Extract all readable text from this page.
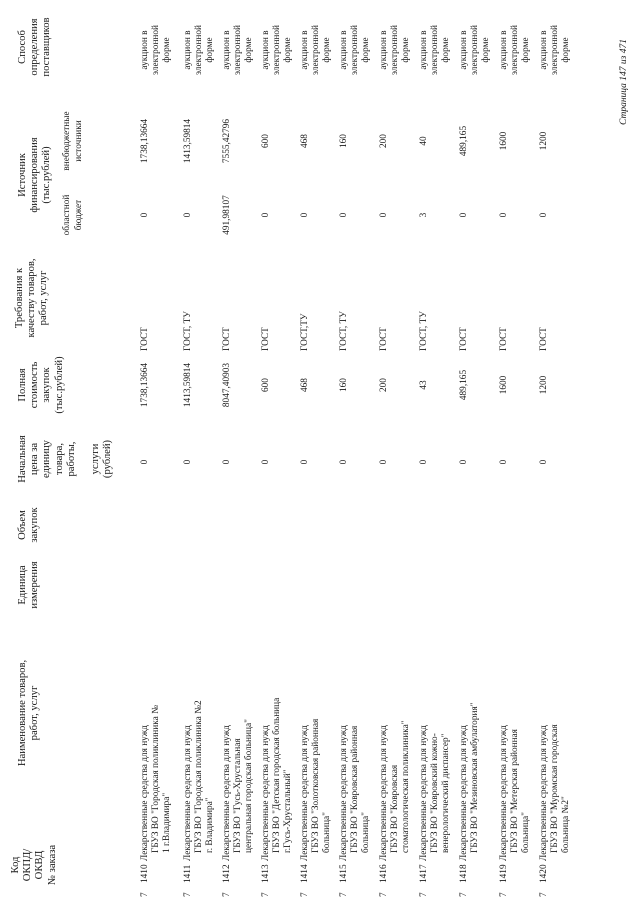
Код ОКПД/ ОКВД № заказа
Наименование товаров, работ, услуг
Единица измерения
Объем закупок
Начальная цена за единицу товара, работы, услуги (рублей)
Полная стоимость закупок (тыс.рублей)
Требования к качеству товаров, работ, услуг
Источник финансирования (тыс.рублей)
областной бюджет
внебюджетные источники
Способ определения поставщиков
7
1410
Лекарственные средства для нужд ГБУЗ ВО "Городская поликлиника № 1 г.Владимира"
0
1738,13664
ГОСТ
0
1738,13664
аукцион в электронной форме
7
1411
Лекарственные средства для нужд ГБУЗ ВО "Городская поликлиника №2 г. Владимира"
0
1413,59814
ГОСТ, ТУ
0
1413,59814
аукцион в электронной форме
7
1412
Лекарственные средства для нужд ГБУЗ ВО "Гусь-Хрустальная центральная городская больница"
0
8047,40903
ГОСТ
491,98107
7555,42796
аукцион в электронной форме
7
1413
Лекарственные средства для нужд ГБУЗ ВО "Детская городская больница г.Гусь-Хрустальный"
0
600
ГОСТ
0
600
аукцион в электронной форме
7
1414
Лекарственные средства для нужд ГБУЗ ВО "Золотковская районная больница"
0
468
ГОСТ,ТУ
0
468
аукцион в электронной форме
7
1415
Лекарственные средства для нужд ГБУЗ ВО "Ковровская районная больница"
0
160
ГОСТ, ТУ
0
160
аукцион в электронной форме
7
1416
Лекарственные средства для нужд ГБУЗ ВО "Ковровская стоматологическая поликлиника"
0
200
ГОСТ
0
200
аукцион в электронной форме
7
1417
Лекарственные средства для нужд ГБУЗ ВО "Ковровский кожно- венерологический диспансер"
0
43
ГОСТ, ТУ
3
40
аукцион в электронной форме
7
1418
Лекарственные средства для нужд ГБУЗ ВО "Мезиновская амбулатория"
0
489,165
ГОСТ
0
489,165
аукцион в электронной форме
7
1419
Лекарственные средства для нужд ГБУЗ ВО "Метерская районная больница"
0
1600
ГОСТ
0
1600
аукцион в электронной форме
7
1420
Лекарственные средства для нужд ГБУЗ ВО "Муромская городская больница №2"
0
1200
ГОСТ
0
1200
аукцион в электронной форме	Страница 147 из 471
